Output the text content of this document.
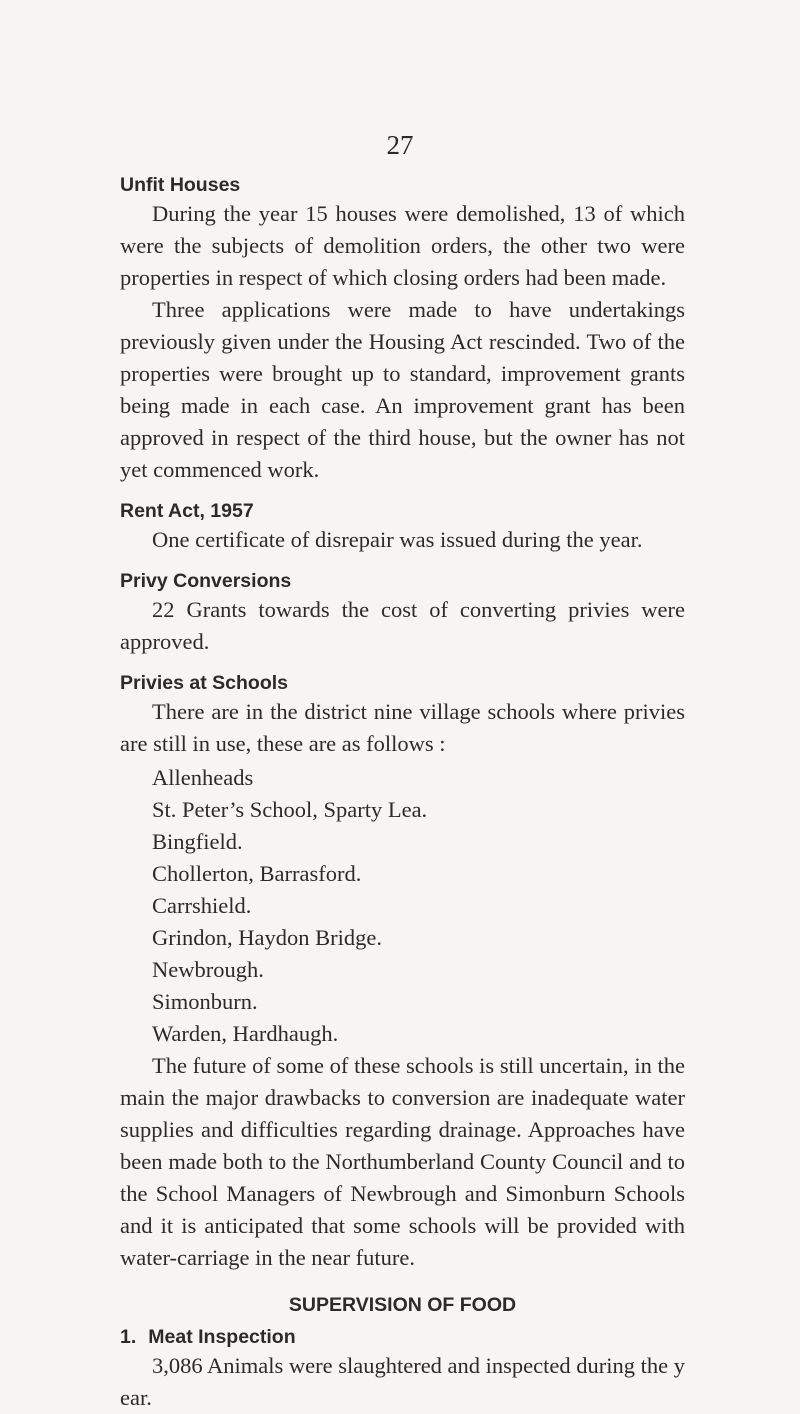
27
Unfit Houses

During the year 15 houses were demolished, 13 of which were the subjects of demolition orders, the other two were properties in respect of which closing orders had been made.

Three applications were made to have undertakings previously given under the Housing Act rescinded. Two of the properties were brought up to standard, improvement grants being made in each case. An improvement grant has been approved in respect of the third house, but the owner has not yet commenced work.

Rent Act, 1957

One certificate of disrepair was issued during the year.

Privy Conversions

22 Grants towards the cost of converting privies were approved.

Privies at Schools

There are in the district nine village schools where privies are still in use, these are as follows :

Allenheads
St. Peter’s School, Sparty Lea.
Bingfield.
Chollerton, Barrasford.
Carrshield.
Grindon, Haydon Bridge.
Newbrough.
Simonburn.
Warden, Hardhaugh.

The future of some of these schools is still uncertain, in the main the major drawbacks to conversion are inadequate water supplies and difficulties regarding drainage. Approaches have been made both to the Northumberland County Council and to the School Managers of Newbrough and Simonburn Schools and it is anticipated that some schools will be provided with water-carriage in the near future.

SUPERVISION OF FOOD
1. Meat Inspection

3,086 Animals were slaughtered and inspected during the y ear.
